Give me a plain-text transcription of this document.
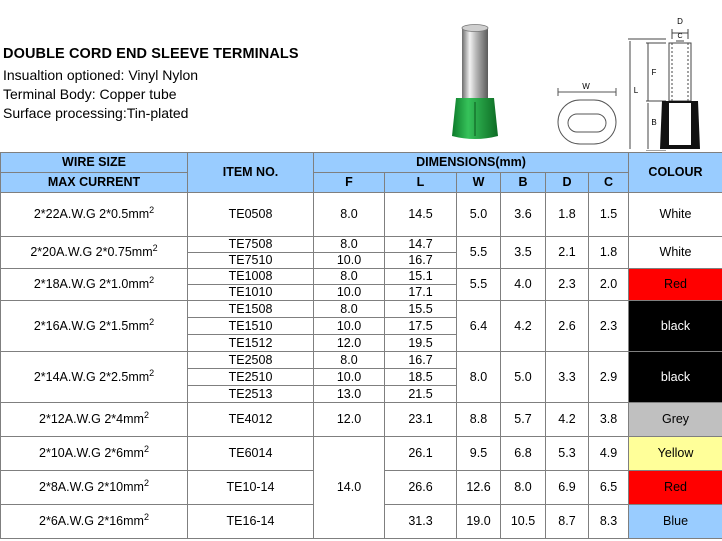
W
D
C
F
L
B
DOUBLE CORD END SLEEVE TERMINALS
Insualtion optioned: Vinyl Nylon
Terminal Body: Copper tube
Surface processing:Tin-plated
WIRE SIZE	ITEM NO.	DIMENSIONS(mm)						COLOUR
MAX CURRENT		F	L	W	B	D	C	
2*22A.W.G $2*0.5mm^2$	TE0508	8.0	14.5	5.0	3.6	1.8	1.5	White
2*20A.W.G $2*0.75mm^2$	TE7508	8.0	14.7	5.5	3.5	2.1	1.8	White
	TE7510	10.0	16.7					
2*18A.W.G $2*1.0mm^2$	TE1008	8.0	15.1	5.5	4.0	2.3	2.0	Red
	TE1010	10.0	17.1					
2*16A.W.G $2*1.5mm^2$	TE1508	8.0	15.5	6.4	4.2	2.6	2.3	black
	TE1510	10.0	17.5					
	TE1512	12.0	19.5					
2*14A.W.G $2*2.5mm^2$	TE2508	8.0	16.7	8.0	5.0	3.3	2.9	black
	TE2510	10.0	18.5					
	TE2513	13.0	21.5					
2*12A.W.G $2*4mm^2$	TE4012	12.0	23.1	8.8	5.7	4.2	3.8	Grey
2*10A.W.G $2*6mm^2$	TE6014	14.0	26.1	9.5	6.8	5.3	4.9	Yellow
2*8A.W.G $2*10mm^2$	TE10-14		26.6	12.6	8.0	6.9	6.5	Red
2*6A.W.G $2*16mm^2$	TE16-14		31.3	19.0	10.5	8.7	8.3	Blue
